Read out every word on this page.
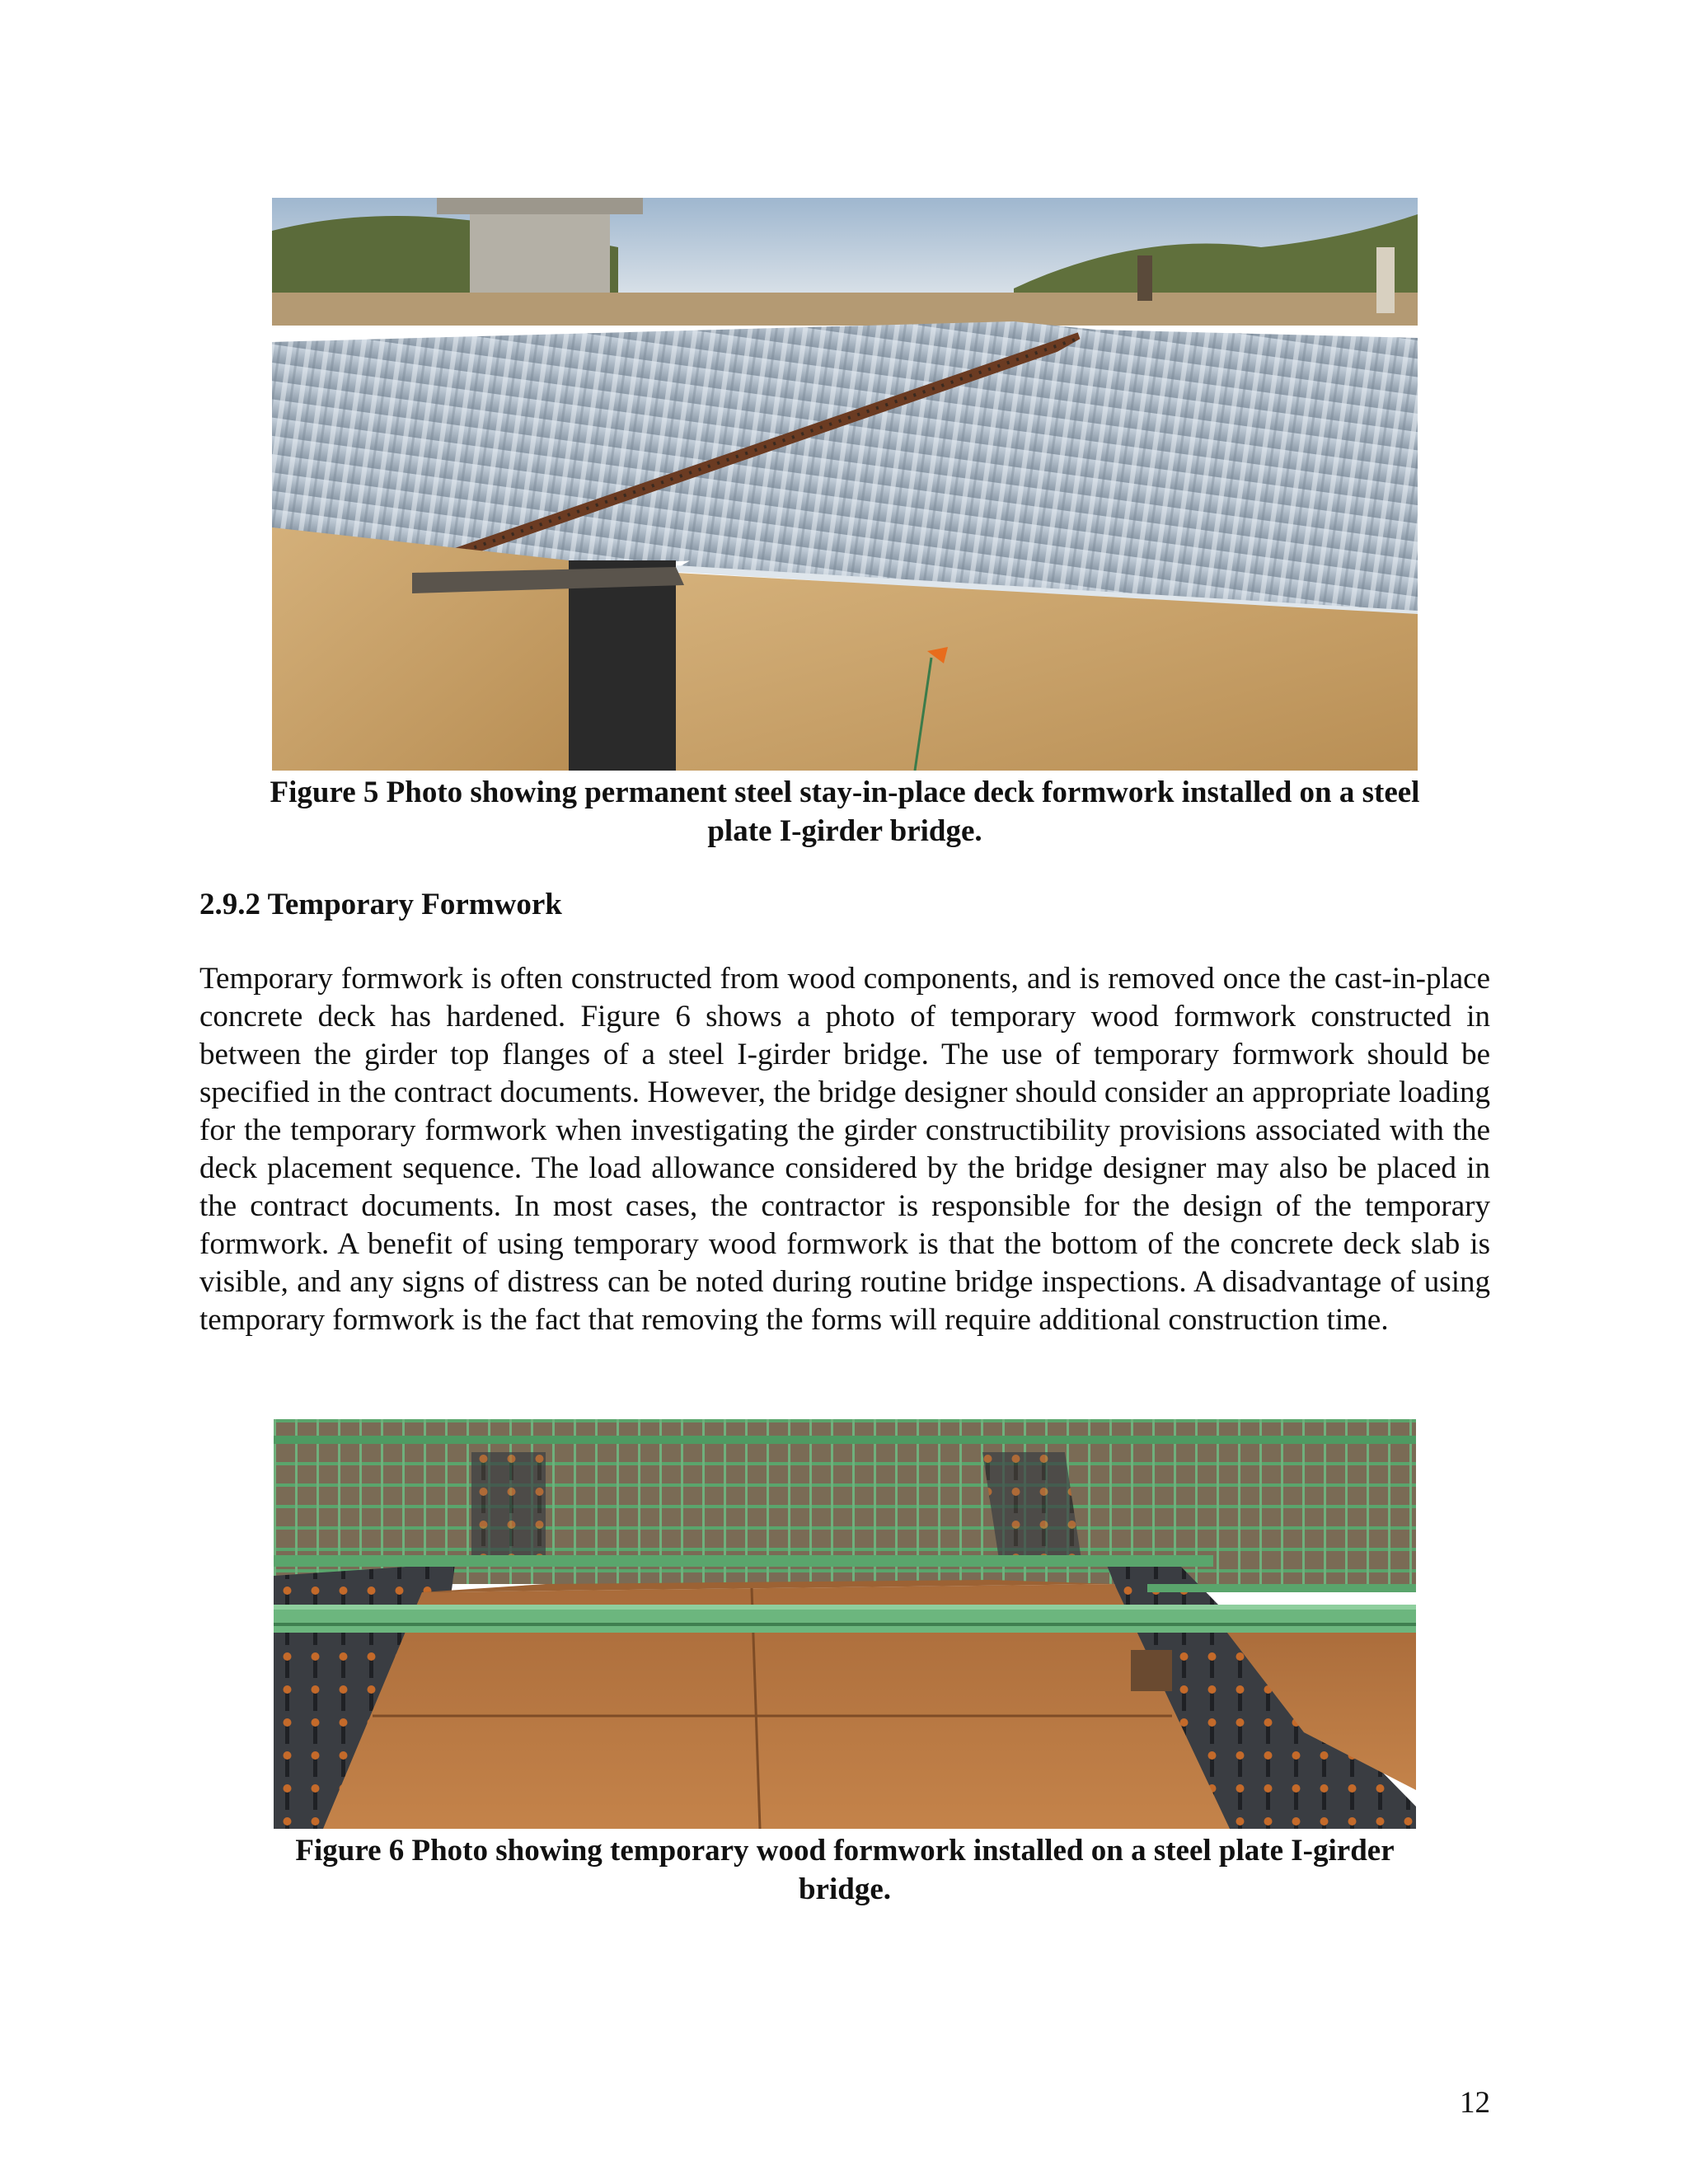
Figure 5 Photo showing permanent steel stay-in-place deck formwork installed on a steel
plate I-girder bridge.
2.9.2 Temporary Formwork
Temporary formwork is often constructed from wood components, and is removed once the cast-in-place concrete deck has hardened. Figure 6 shows a photo of temporary wood formwork constructed in between the girder top flanges of a steel I-girder bridge. The use of temporary formwork should be specified in the contract documents. However, the bridge designer should consider an appropriate loading for the temporary formwork when investigating the girder constructibility provisions associated with the deck placement sequence. The load allowance considered by the bridge designer may also be placed in the contract documents. In most cases, the contractor is responsible for the design of the temporary formwork. A benefit of using temporary wood formwork is that the bottom of the concrete deck slab is visible, and any signs of distress can be noted during routine bridge inspections. A disadvantage of using temporary formwork is the fact that removing the forms will require additional construction time.
Figure 6 Photo showing temporary wood formwork installed on a steel plate I-girder
bridge.
12
